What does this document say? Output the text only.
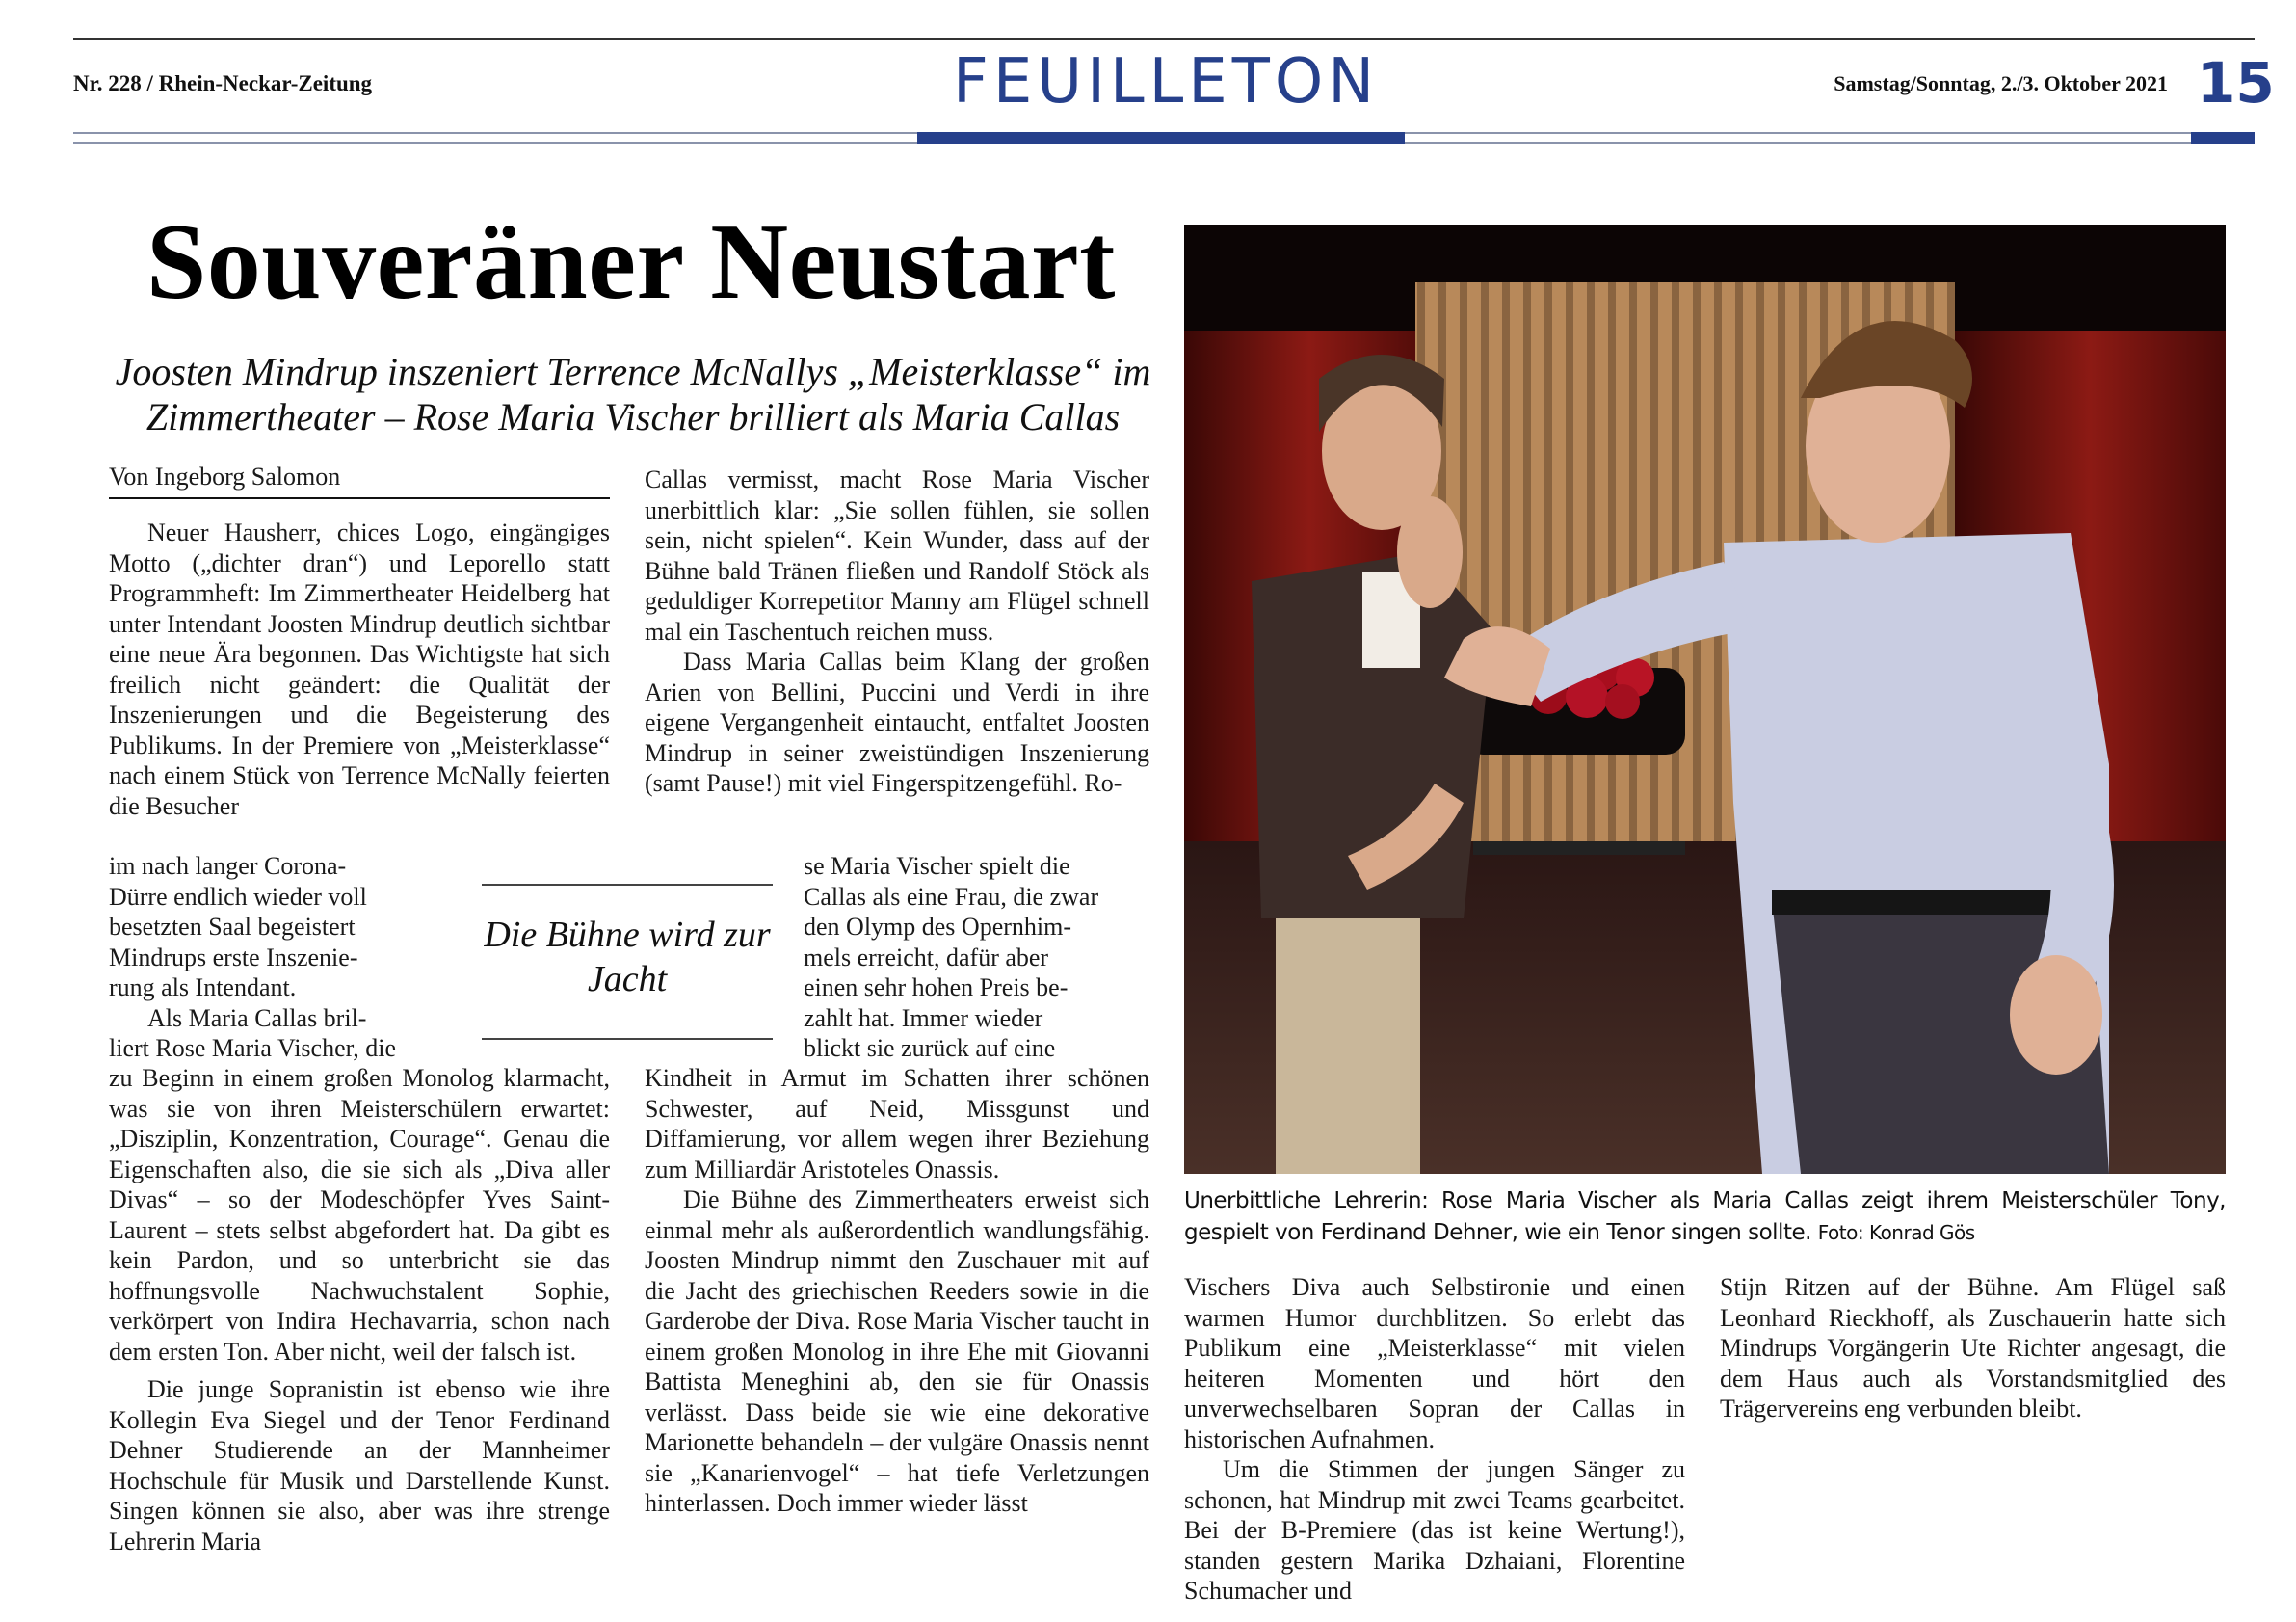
Nr. 228 / Rhein-Neckar-Zeitung	FEUILLETON	Samstag/Sonntag, 2./3. Oktober 2021 15
Souveräner Neustart
Joosten Mindrup inszeniert Terrence McNallys „Meisterklasse“ im Zimmertheater – Rose Maria Vischer brilliert als Maria Callas
Von Ingeborg Salomon

Neuer Hausherr, chices Logo, eingängiges Motto („dichter dran“) und Leporello statt Programmheft: Im Zimmertheater Heidelberg hat unter Intendant Joosten Mindrup deutlich sichtbar eine neue Ära begonnen. Das Wichtigste hat sich freilich nicht geändert: die Qualität der Inszenierungen und die Begeisterung des Publikums. In der Premiere von „Meisterklasse“ nach einem Stück von Terrence McNally feierten die Besucher

im nach langer Corona-

Dürre endlich wieder voll

besetzten Saal begeistert

Mindrups erste Inszenie-

rung als Intendant.

Als Maria Callas bril-

liert Rose Maria Vischer, die

zu Beginn in einem großen Monolog klarmacht, was sie von ihren Meisterschülern erwartet: „Disziplin, Konzentration, Courage“. Genau die Eigenschaften also, die sie sich als „Diva aller Divas“ – so der Modeschöpfer Yves Saint-Laurent – stets selbst abgefordert hat. Da gibt es kein Pardon, und so unterbricht sie das hoffnungsvolle Nachwuchstalent Sophie, verkörpert von Indira Hechavarria, schon nach dem ersten Ton. Aber nicht, weil der falsch ist.

Die junge Sopranistin ist ebenso wie ihre Kollegin Eva Siegel und der Tenor Ferdinand Dehner Studierende an der Mannheimer Hochschule für Musik und Darstellende Kunst. Singen können sie also, aber was ihre strenge Lehrerin Maria

Die Bühne wird zur Jacht

Callas vermisst, macht Rose Maria Vischer unerbittlich klar: „Sie sollen fühlen, sie sollen sein, nicht spielen“. Kein Wunder, dass auf der Bühne bald Tränen fließen und Randolf Stöck als geduldiger Korrepetitor Manny am Flügel schnell mal ein Taschentuch reichen muss.

Dass Maria Callas beim Klang der großen Arien von Bellini, Puccini und Verdi in ihre eigene Vergangenheit eintaucht, entfaltet Joosten Mindrup in seiner zweistündigen Inszenierung (samt Pause!) mit viel Fingerspitzengefühl. Ro-

se Maria Vischer spielt die

Callas als eine Frau, die zwar

den Olymp des Opernhim-

mels erreicht, dafür aber

einen sehr hohen Preis be-

zahlt hat. Immer wieder

blickt sie zurück auf eine

Kindheit in Armut im Schatten ihrer schönen Schwester, auf Neid, Missgunst und Diffamierung, vor allem wegen ihrer Beziehung zum Milliardär Aristoteles Onassis.

Die Bühne des Zimmertheaters erweist sich einmal mehr als außerordentlich wandlungsfähig. Joosten Mindrup nimmt den Zuschauer mit auf die Jacht des griechischen Reeders sowie in die Garderobe der Diva. Rose Maria Vischer taucht in einem großen Monolog in ihre Ehe mit Giovanni Battista Meneghini ab, den sie für Onassis verlässt. Dass beide sie wie eine dekorative Marionette behandeln – der vulgäre Onassis nennt sie „Kanarienvogel“ – hat tiefe Verletzungen hinterlassen. Doch immer wieder lässt

Unerbittliche Lehrerin: Rose Maria Vischer als Maria Callas zeigt ihrem Meisterschüler Tony, gespielt von Ferdinand Dehner, wie ein Tenor singen sollte. Foto: Konrad Gös

Vischers Diva auch Selbstironie und einen warmen Humor durchblitzen. So erlebt das Publikum eine „Meisterklasse“ mit vielen heiteren Momenten und hört den unverwechselbaren Sopran der Callas in historischen Aufnahmen.

Um die Stimmen der jungen Sänger zu schonen, hat Mindrup mit zwei Teams gearbeitet. Bei der B-Premiere (das ist keine Wertung!), standen gestern Marika Dzhaiani, Florentine Schumacher und

Stijn Ritzen auf der Bühne. Am Flügel saß Leonhard Rieckhoff, als Zuschauerin hatte sich Mindrups Vorgängerin Ute Richter angesagt, die dem Haus auch als Vorstandsmitglied des Trägervereins eng verbunden bleibt.
